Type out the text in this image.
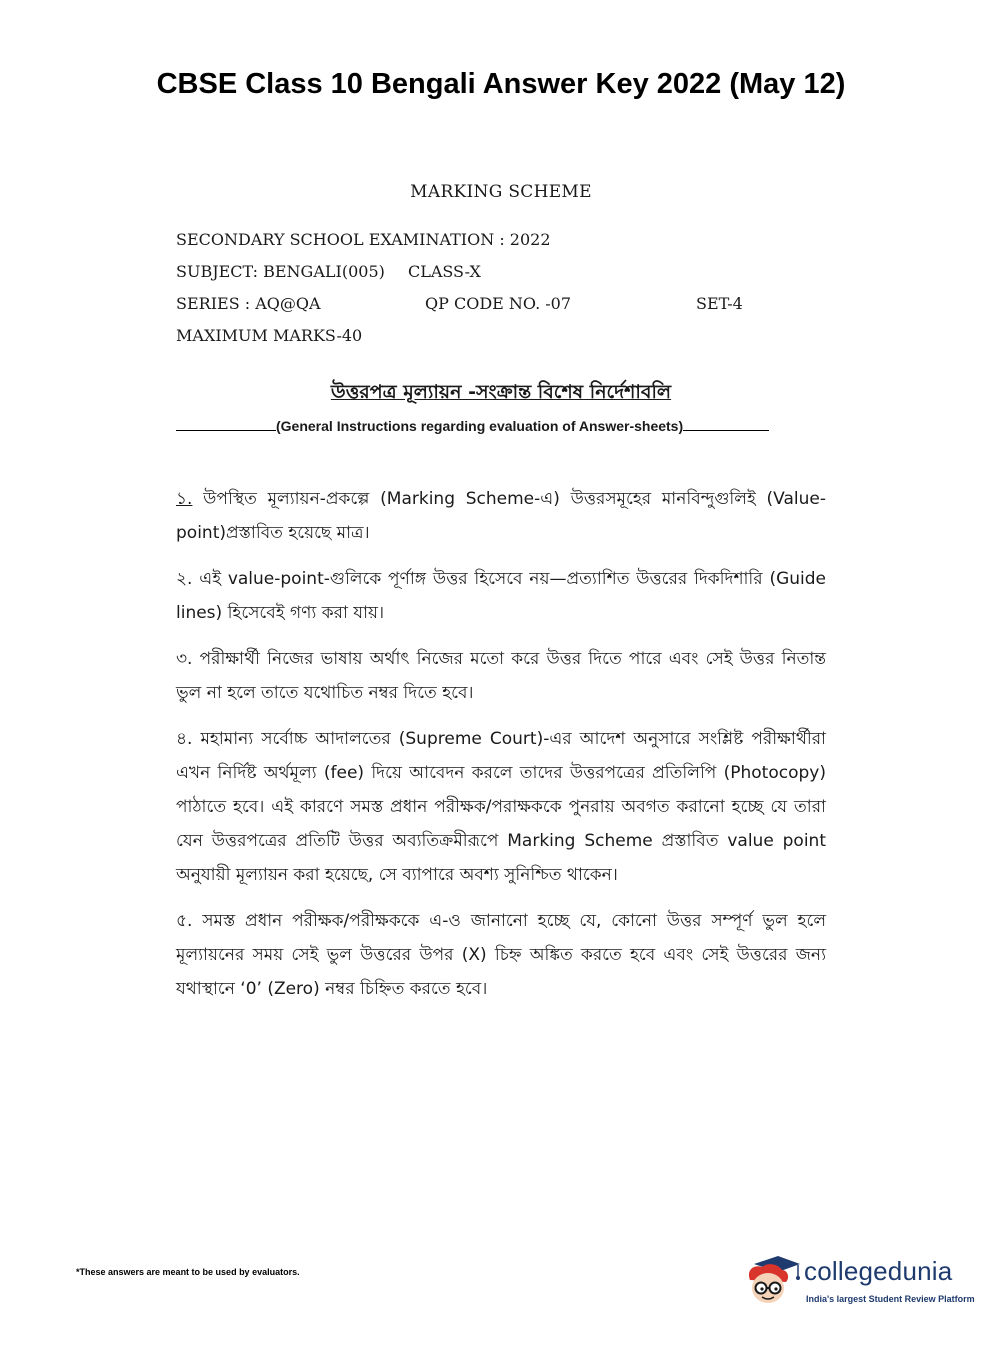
CBSE Class 10 Bengali Answer Key 2022 (May 12)
MARKING SCHEME
SECONDARY SCHOOL EXAMINATION : 2022
SUBJECT: BENGALI(005) CLASS-X
SERIES : AQ@QA	QP CODE NO. -07	SET-4
MAXIMUM MARKS-40
উত্তরপত্র মূল্যায়ন -সংক্রান্ত বিশেষ নির্দেশাবলি
(General Instructions regarding evaluation of Answer-sheets)

১. উপস্থিত মূল্যায়ন-প্রকল্পে (Marking Scheme-এ) উত্তরসমূহের মানবিন্দুগুলিই (Value-point)প্রস্তাবিত হয়েছে মাত্র।

২. এই value-point-গুলিকে পূর্ণাঙ্গ উত্তর হিসেবে নয়—প্রত্যাশিত উত্তরের দিকদিশারি (Guide lines) হিসেবেই গণ্য করা যায়।

৩. পরীক্ষার্থী নিজের ভাষায় অর্থাৎ নিজের মতো করে উত্তর দিতে পারে এবং সেই উত্তর নিতান্ত ভুল না হলে তাতে যথোচিত নম্বর দিতে হবে।

৪. মহামান্য সর্বোচ্চ আদালতের (Supreme Court)-এর আদেশ অনুসারে সংশ্লিষ্ট পরীক্ষার্থীরা এখন নির্দিষ্ট অর্থমূল্য (fee) দিয়ে আবেদন করলে তাদের উত্তরপত্রের প্রতিলিপি (Photocopy) পাঠাতে হবে। এই কারণে সমস্ত প্রধান পরীক্ষক/পরাক্ষককে পুনরায় অবগত করানো হচ্ছে যে তারা যেন উত্তরপত্রের প্রতিটি উত্তর অব্যতিক্রমীরূপে Marking Scheme প্রস্তাবিত value point অনুযায়ী মূল্যায়ন করা হয়েছে, সে ব্যাপারে অবশ্য সুনিশ্চিত থাকেন।

৫. সমস্ত প্রধান পরীক্ষক/পরীক্ষককে এ-ও জানানো হচ্ছে যে, কোনো উত্তর সম্পূর্ণ ভুল হলে মূল্যায়নের সময় সেই ভুল উত্তরের উপর (X) চিহ্ন অঙ্কিত করতে হবে এবং সেই উত্তরের জন্য যথাস্থানে ‘0’ (Zero) নম্বর চিহ্নিত করতে হবে।

*These answers are meant to be used by evaluators.	collegedunia
India's largest Student Review Platform
